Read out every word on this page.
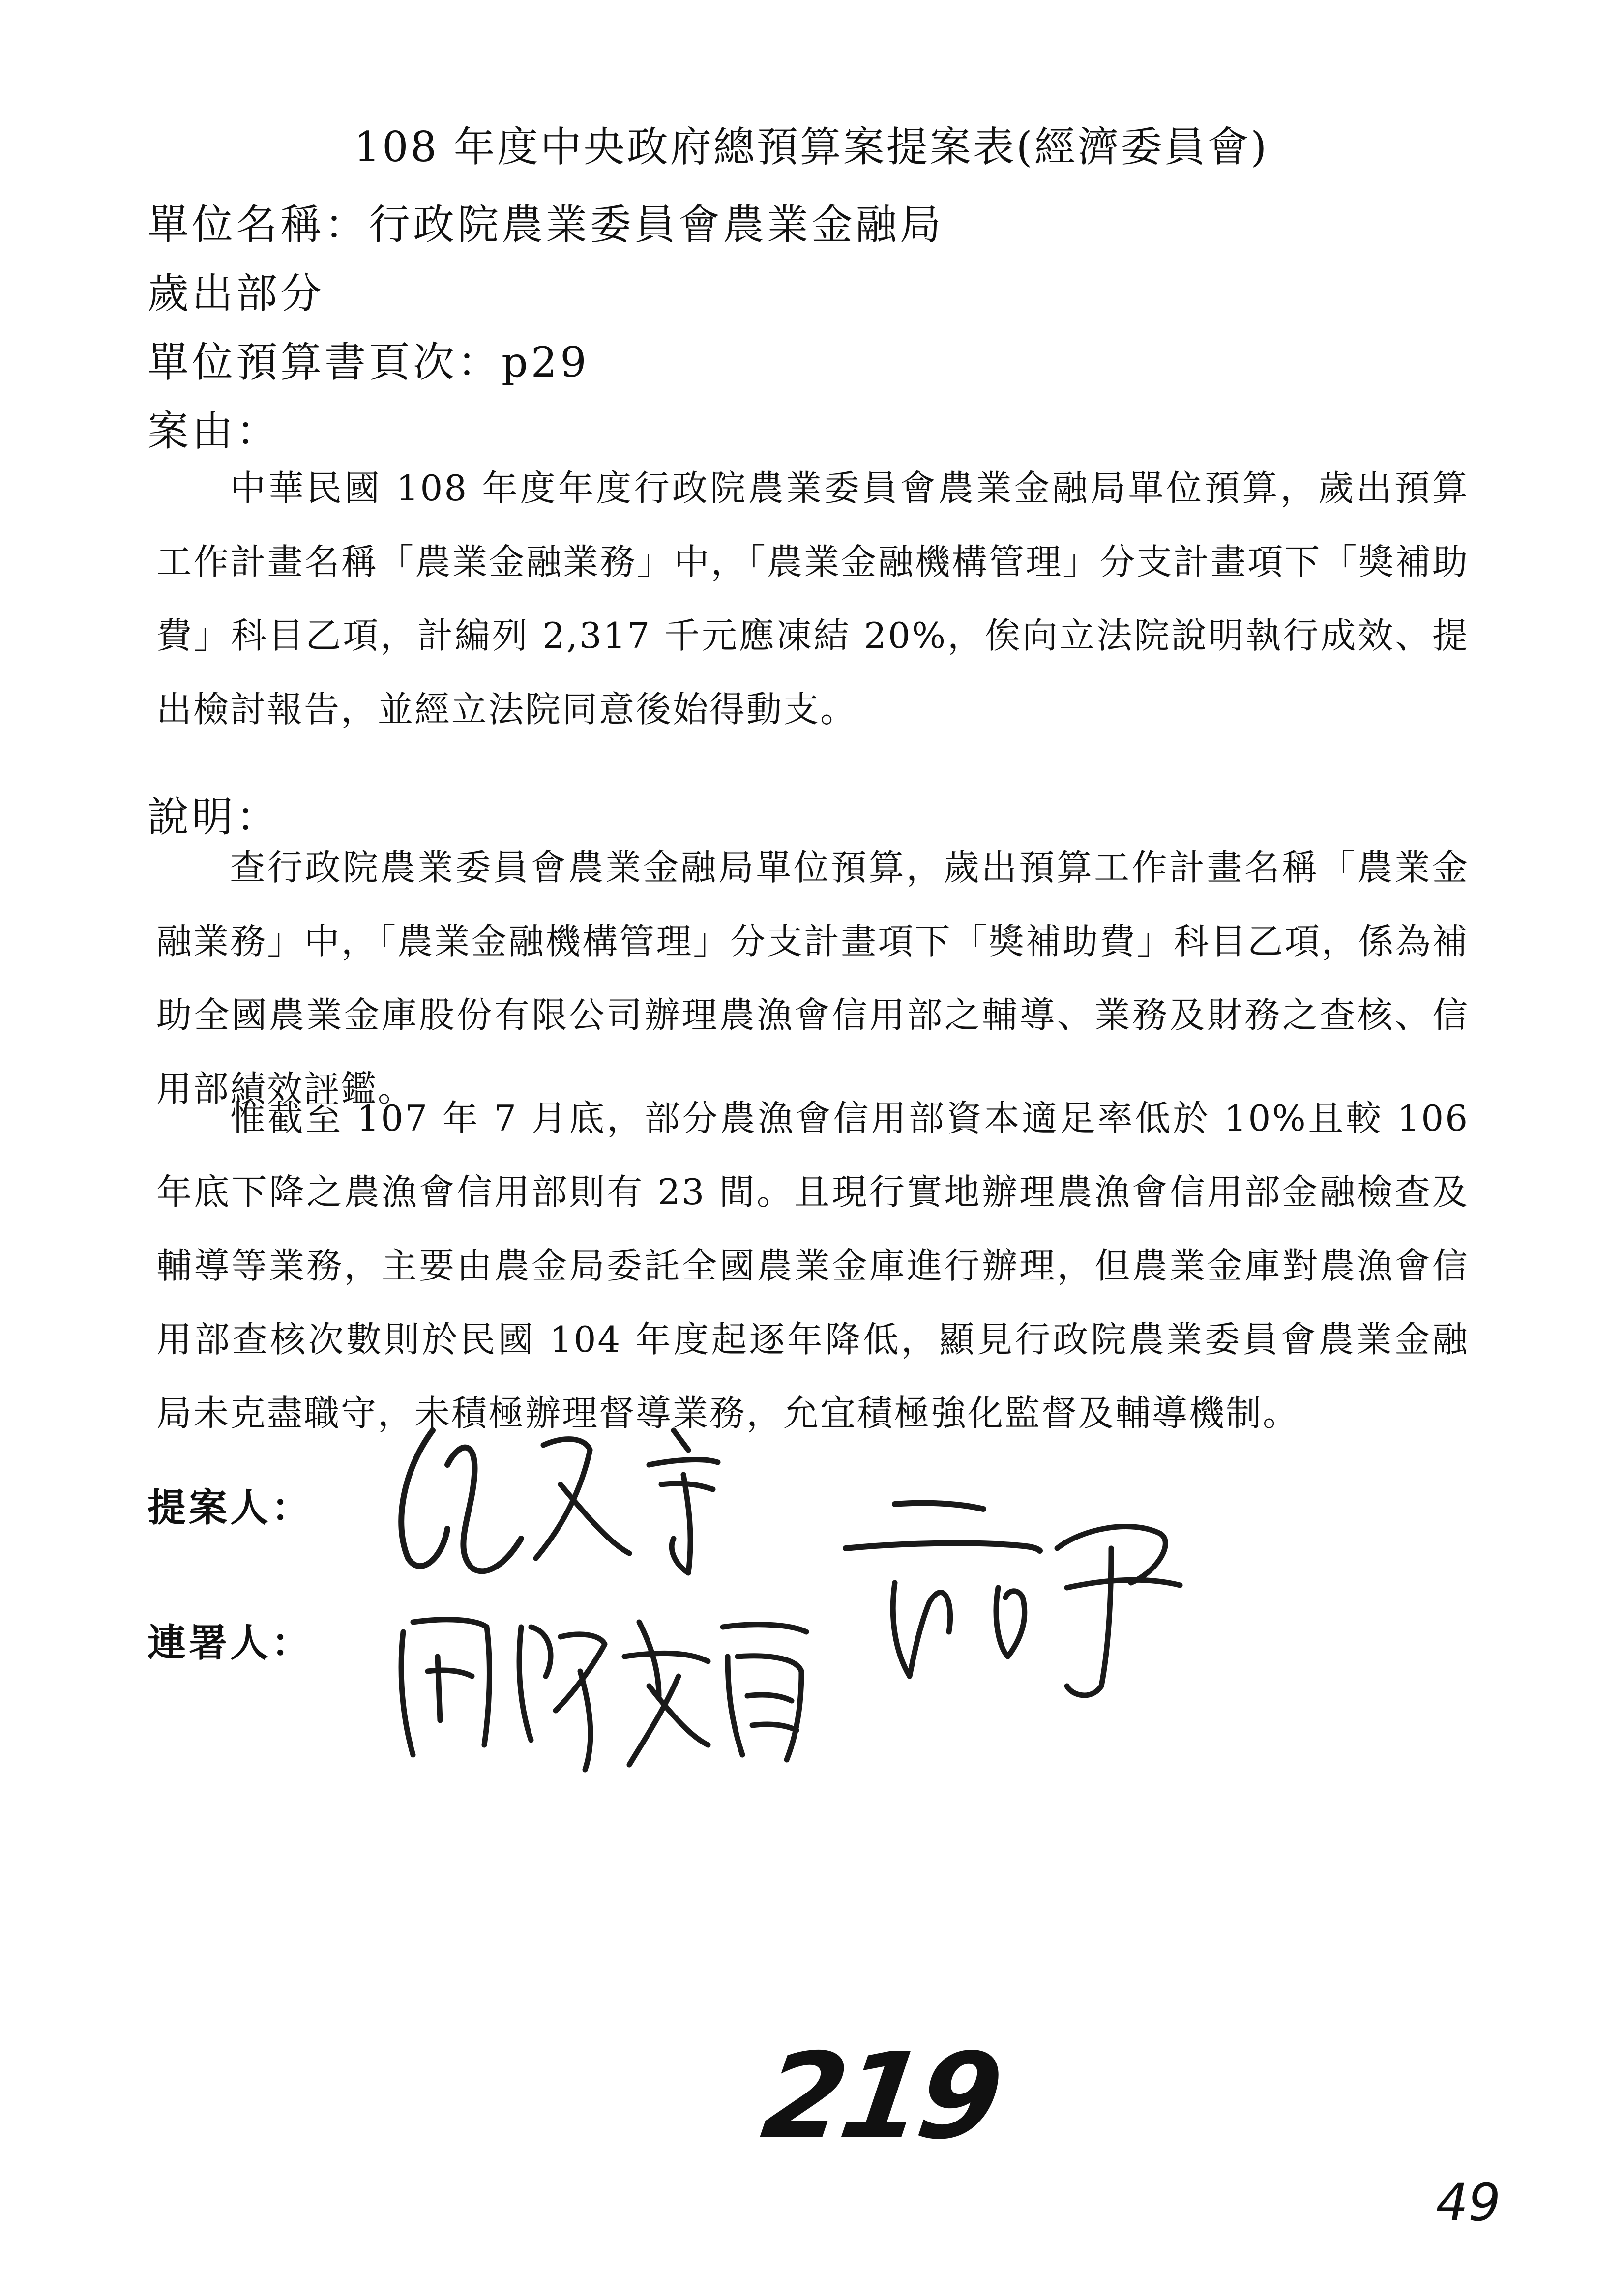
108 年度中央政府總預算案提案表(經濟委員會)
單位名稱：行政院農業委員會農業金融局
歲出部分
單位預算書頁次：p29
案由：
中華民國 108 年度年度行政院農業委員會農業金融局單位預算，歲出預算工作計畫名稱「農業金融業務」中，「農業金融機構管理」分支計畫項下「獎補助費」科目乙項，計編列 2,317 千元應凍結 20%，俟向立法院說明執行成效、提出檢討報告，並經立法院同意後始得動支。
說明：
查行政院農業委員會農業金融局單位預算，歲出預算工作計畫名稱「農業金融業務」中，「農業金融機構管理」分支計畫項下「獎補助費」科目乙項，係為補助全國農業金庫股份有限公司辦理農漁會信用部之輔導、業務及財務之查核、信用部績效評鑑。
惟截至 107 年 7 月底，部分農漁會信用部資本適足率低於 10%且較 106 年底下降之農漁會信用部則有 23 間。且現行實地辦理農漁會信用部金融檢查及輔導等業務，主要由農金局委託全國農業金庫進行辦理，但農業金庫對農漁會信用部查核次數則於民國 104 年度起逐年降低，顯見行政院農業委員會農業金融局未克盡職守，未積極辦理督導業務，允宜積極強化監督及輔導機制。
提案人：
連署人：
219
49
